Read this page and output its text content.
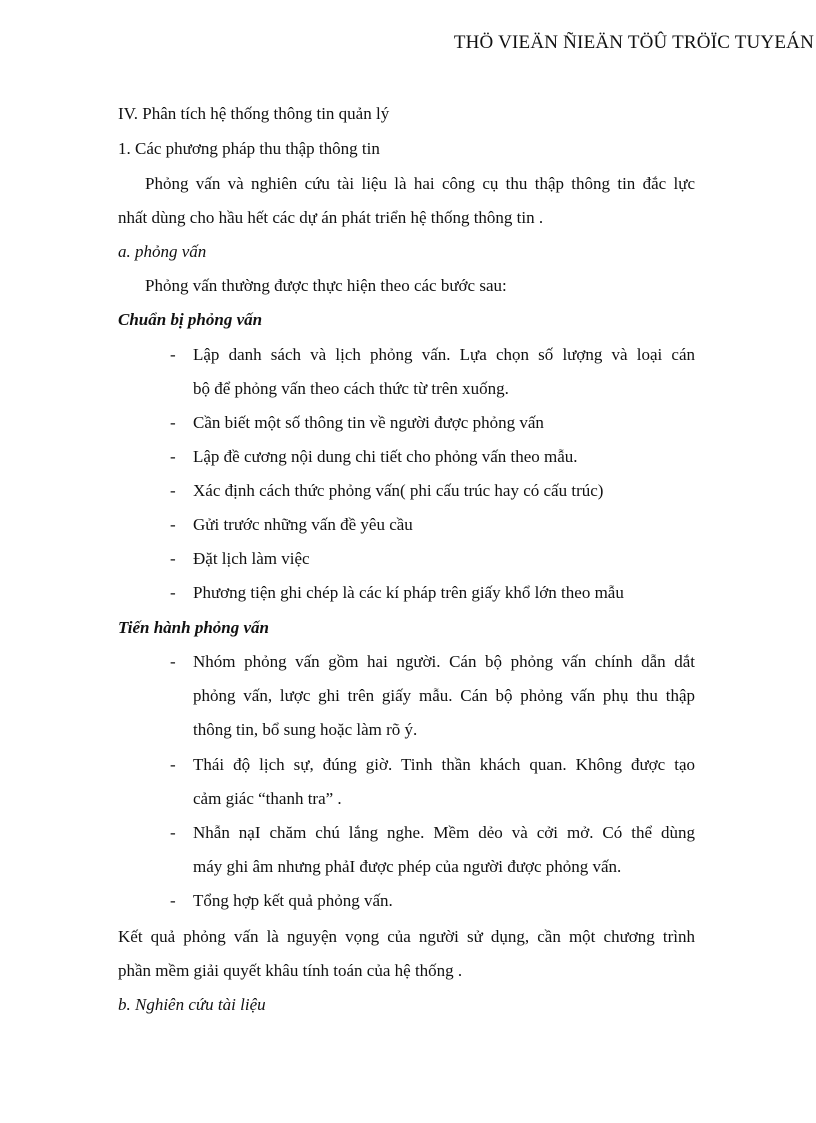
THÖ VIEÄN ÑIEÄN TÖÛ TRÖÏC TUYEÁN
IV. Phân tích hệ thống thông tin quản lý
1. Các phương pháp thu thập thông tin
Phỏng vấn và nghiên cứu tài liệu là hai công cụ thu thập thông tin đắc lực
nhất dùng cho hầu hết các dự án phát triển hệ thống thông tin .
a. phỏng vấn
Phỏng vấn thường được thực hiện theo các bước sau:
Chuẩn bị phỏng vấn
- Lập danh sách và lịch phỏng vấn. Lựa chọn số lượng và loại cán
bộ để phỏng vấn theo cách thức từ trên xuống.
- Cần biết một số thông tin về người được phỏng vấn
- Lập đề cương nội dung chi tiết cho phỏng vấn theo mẫu.
- Xác định cách thức phỏng vấn( phi cấu trúc hay có cấu trúc)
- Gửi trước những vấn đề yêu cầu
- Đặt lịch làm việc
- Phương tiện ghi chép là các kí pháp trên giấy khổ lớn theo mẫu
Tiến hành phỏng vấn
- Nhóm phỏng vấn gồm hai người. Cán bộ phỏng vấn chính dẫn dắt
phỏng vấn, lược ghi trên giấy mẫu. Cán bộ phỏng vấn phụ thu thập
thông tin, bổ sung hoặc làm rõ ý.
- Thái độ lịch sự, đúng giờ. Tinh thần khách quan. Không được tạo
cảm giác “thanh tra” .
- Nhẫn nạI chăm chú lắng nghe. Mềm dẻo và cởi mở. Có thể dùng
máy ghi âm nhưng phảI được phép của người được phỏng vấn.
- Tổng hợp kết quả phỏng vấn.
Kết quả phỏng vấn là nguyện vọng của người sử dụng, cần một chương trình
phần mềm giải quyết khâu tính toán của hệ thống .
b. Nghiên cứu tài liệu
